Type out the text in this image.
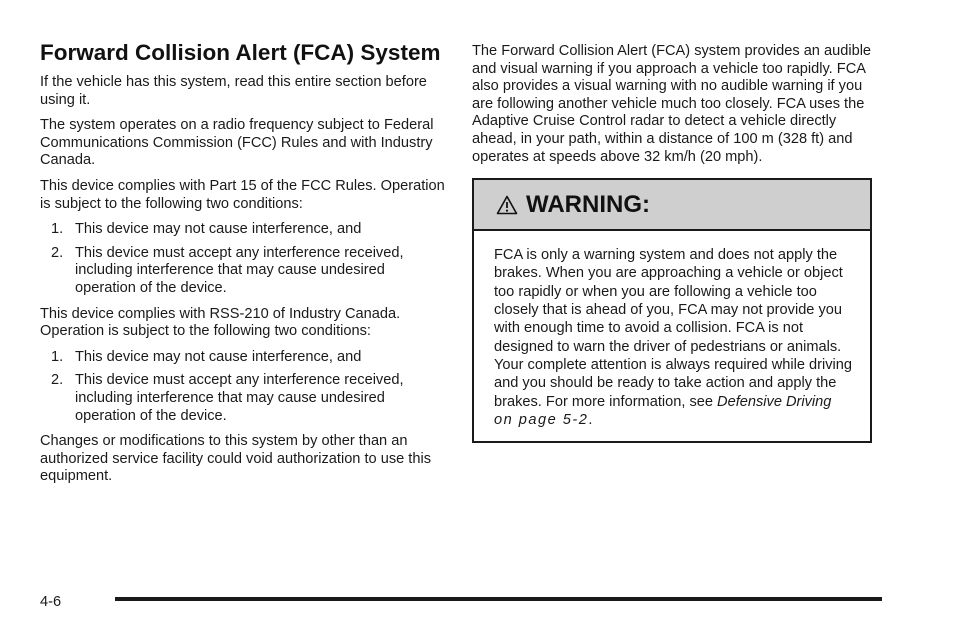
Forward Collision Alert (FCA) System

If the vehicle has this system, read this entire section before using it.

The system operates on a radio frequency subject to Federal Communications Commission (FCC) Rules and with Industry Canada.

This device complies with Part 15 of the FCC Rules. Operation is subject to the following two conditions:

1. This device may not cause interference, and
2. This device must accept any interference received, including interference that may cause undesired operation of the device.

This device complies with RSS-210 of Industry Canada. Operation is subject to the following two conditions:

1. This device may not cause interference, and
2. This device must accept any interference received, including interference that may cause undesired operation of the device.

Changes or modifications to this system by other than an authorized service facility could void authorization to use this equipment.

The Forward Collision Alert (FCA) system provides an audible and visual warning if you approach a vehicle too rapidly. FCA also provides a visual warning with no audible warning if you are following another vehicle much too closely. FCA uses the Adaptive Cruise Control radar to detect a vehicle directly ahead, in your path, within a distance of 100 m (328 ft) and operates at speeds above 32 km/h (20 mph).

WARNING:
FCA is only a warning system and does not apply the brakes. When you are approaching a vehicle or object too rapidly or when you are following a vehicle too closely that is ahead of you, FCA may not provide you with enough time to avoid a collision. FCA is not designed to warn the driver of pedestrians or animals. Your complete attention is always required while driving and you should be ready to take action and apply the brakes. For more information, see Defensive Driving on page 5-2.
4-6
